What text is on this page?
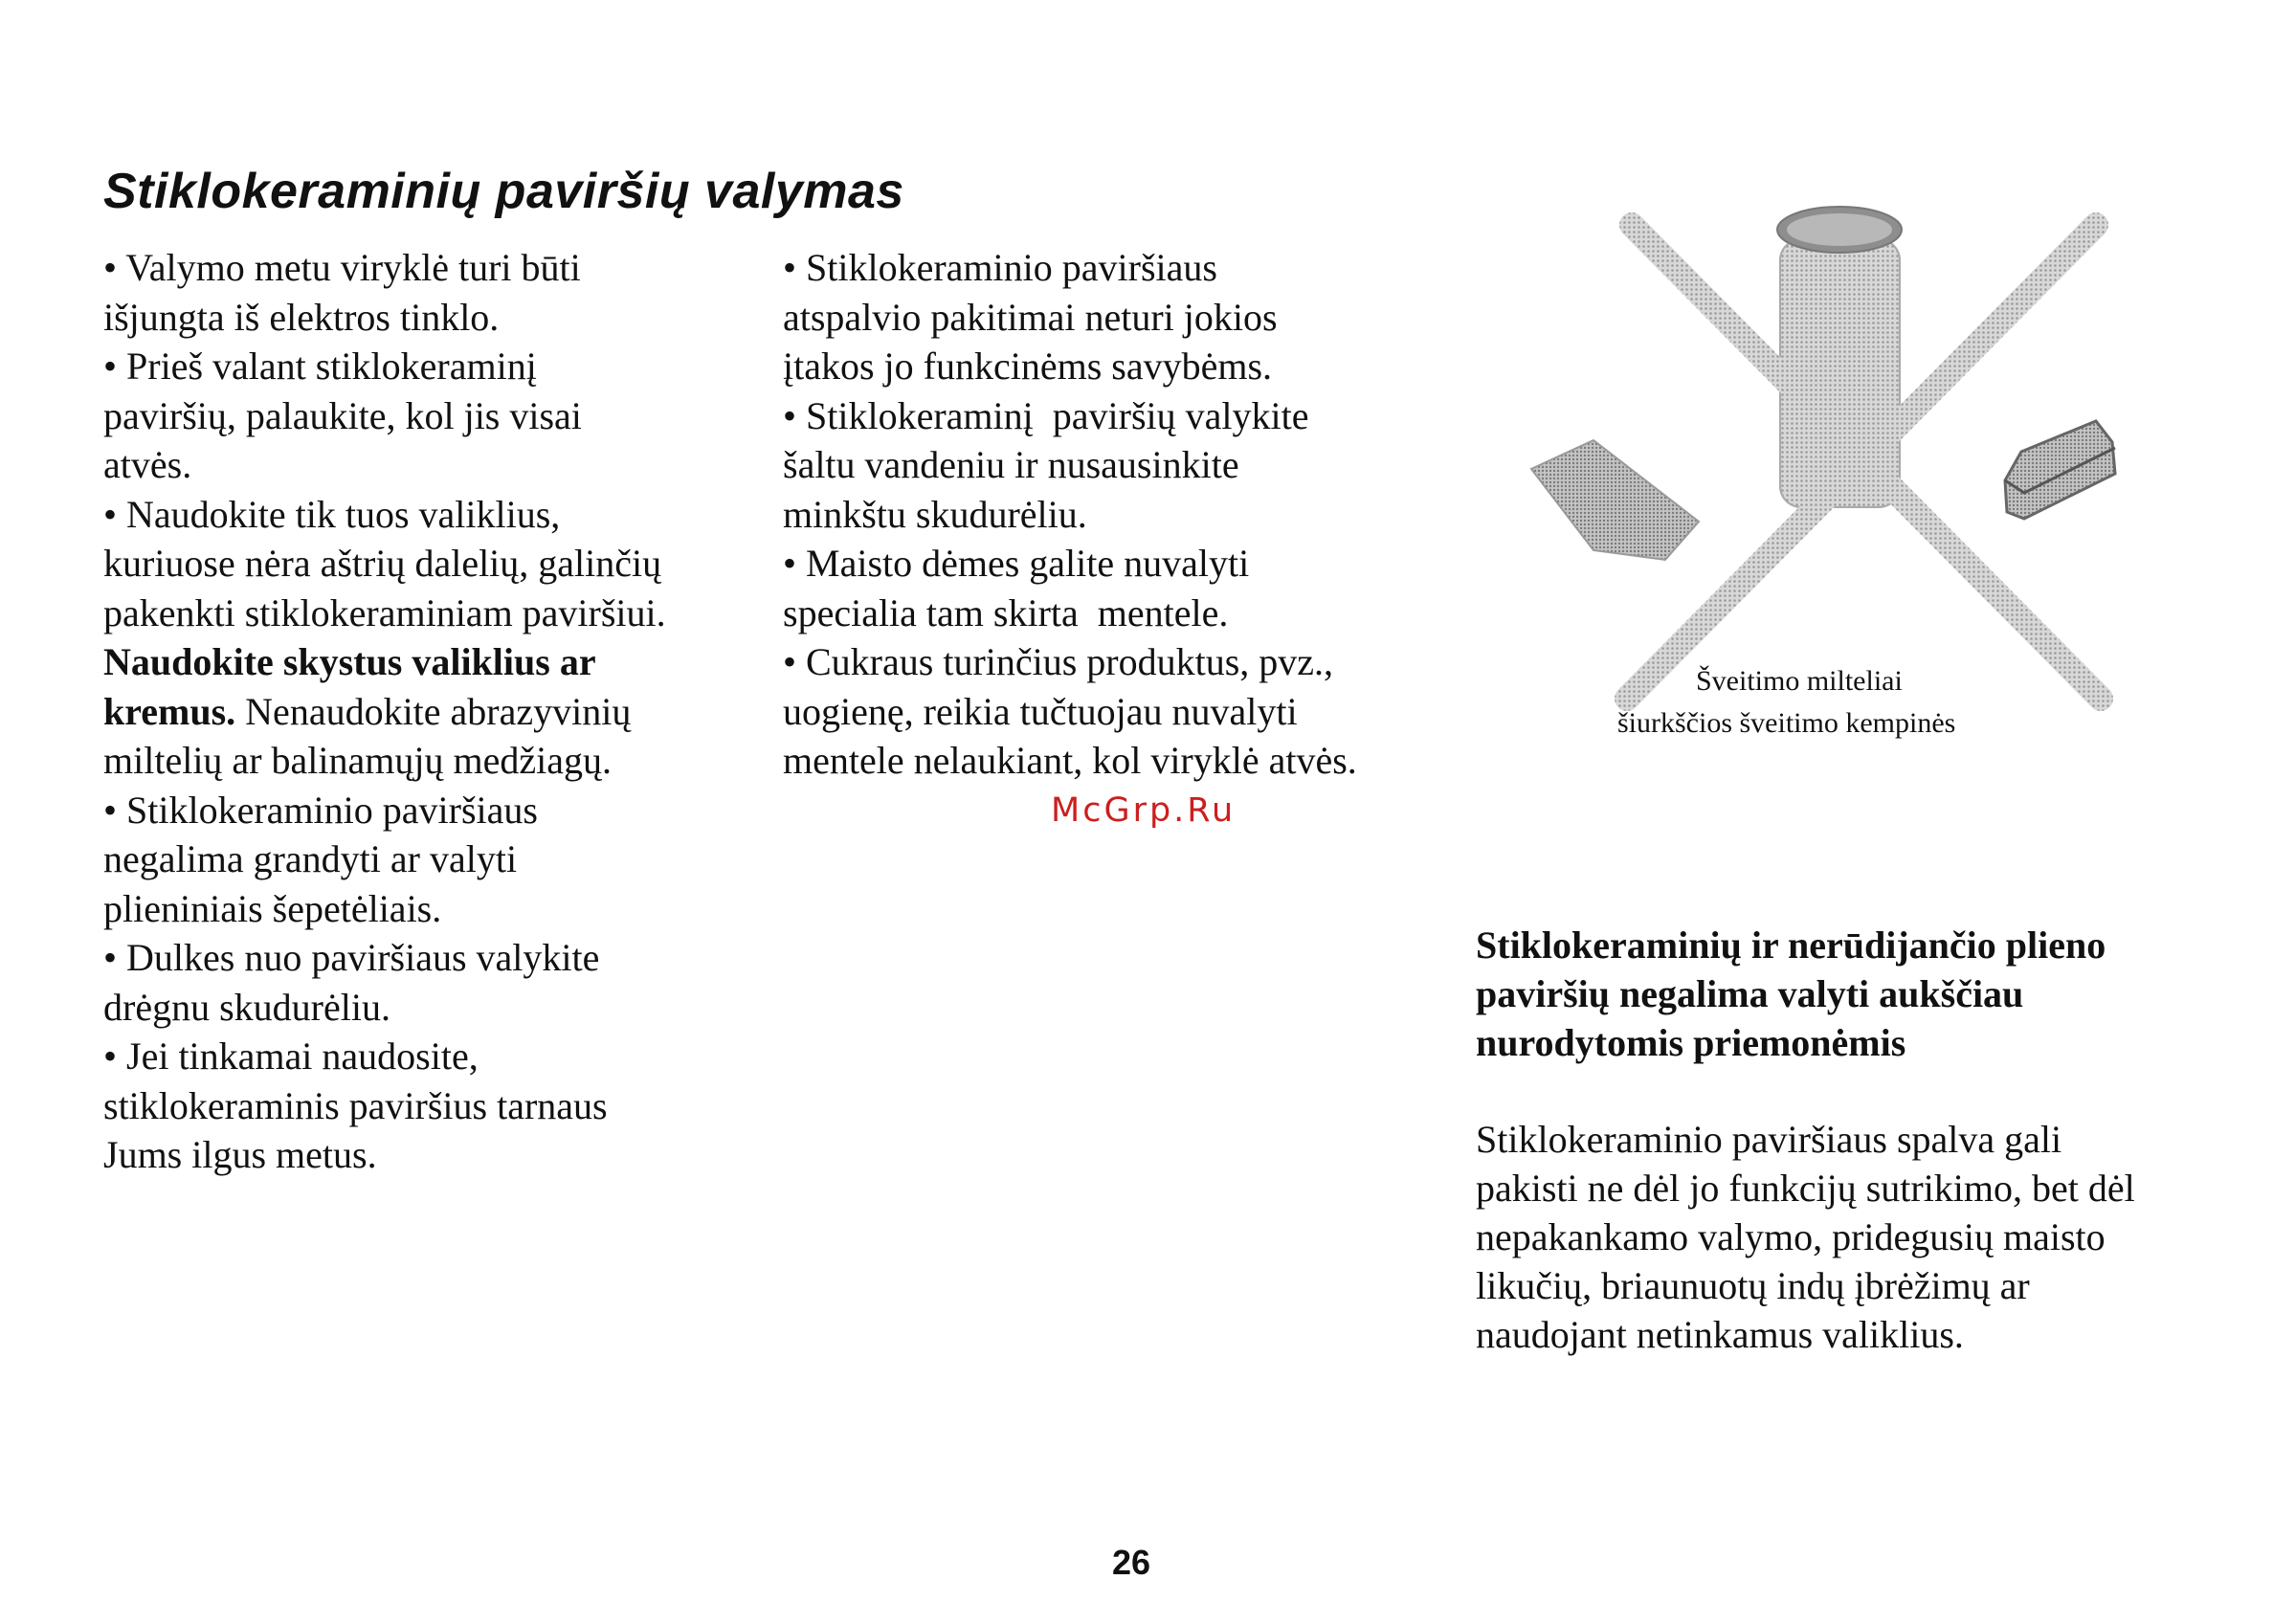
Stiklokeraminių paviršių valymas

• Valymo metu viryklė turi būti

išjungta iš elektros tinklo.

• Prieš valant stiklokeraminį

paviršių, palaukite, kol jis visai

atvės.

• Naudokite tik tuos valiklius,

kuriuose nėra aštrių dalelių, galinčių

pakenkti stiklokeraminiam paviršiui.

Naudokite skystus valiklius ar

kremus. Nenaudokite abrazyvinių

miltelių ar balinamųjų medžiagų.

• Stiklokeraminio paviršiaus

negalima grandyti ar valyti

plieniniais šepetėliais.

• Dulkes nuo paviršiaus valykite

drėgnu skudurėliu.

• Jei tinkamai naudosite,

stiklokeraminis paviršius tarnaus

Jums ilgus metus.

• Stiklokeraminio paviršiaus

atspalvio pakitimai neturi jokios

įtakos jo funkcinėms savybėms.

• Stiklokeraminį  paviršių valykite

šaltu vandeniu ir nusausinkite

minkštu skudurėliu.

• Maisto dėmes galite nuvalyti

specialia tam skirta  mentele.

• Cukraus turinčius produktus, pvz.,

uogienę, reikia tučtuojau nuvalyti

mentele nelaukiant, kol viryklė atvės.

McGrp.Ru
Šveitimo milteliai
šiurkščios šveitimo kempinės
Stiklokeraminių ir nerūdijančio plieno
paviršių negalima valyti aukščiau
nurodytomis priemonėmis
Stiklokeraminio paviršiaus spalva gali
pakisti ne dėl jo funkcijų sutrikimo, bet dėl
nepakankamo valymo, pridegusių maisto
likučių, briaunuotų indų įbrėžimų ar
naudojant netinkamus valiklius.
26
